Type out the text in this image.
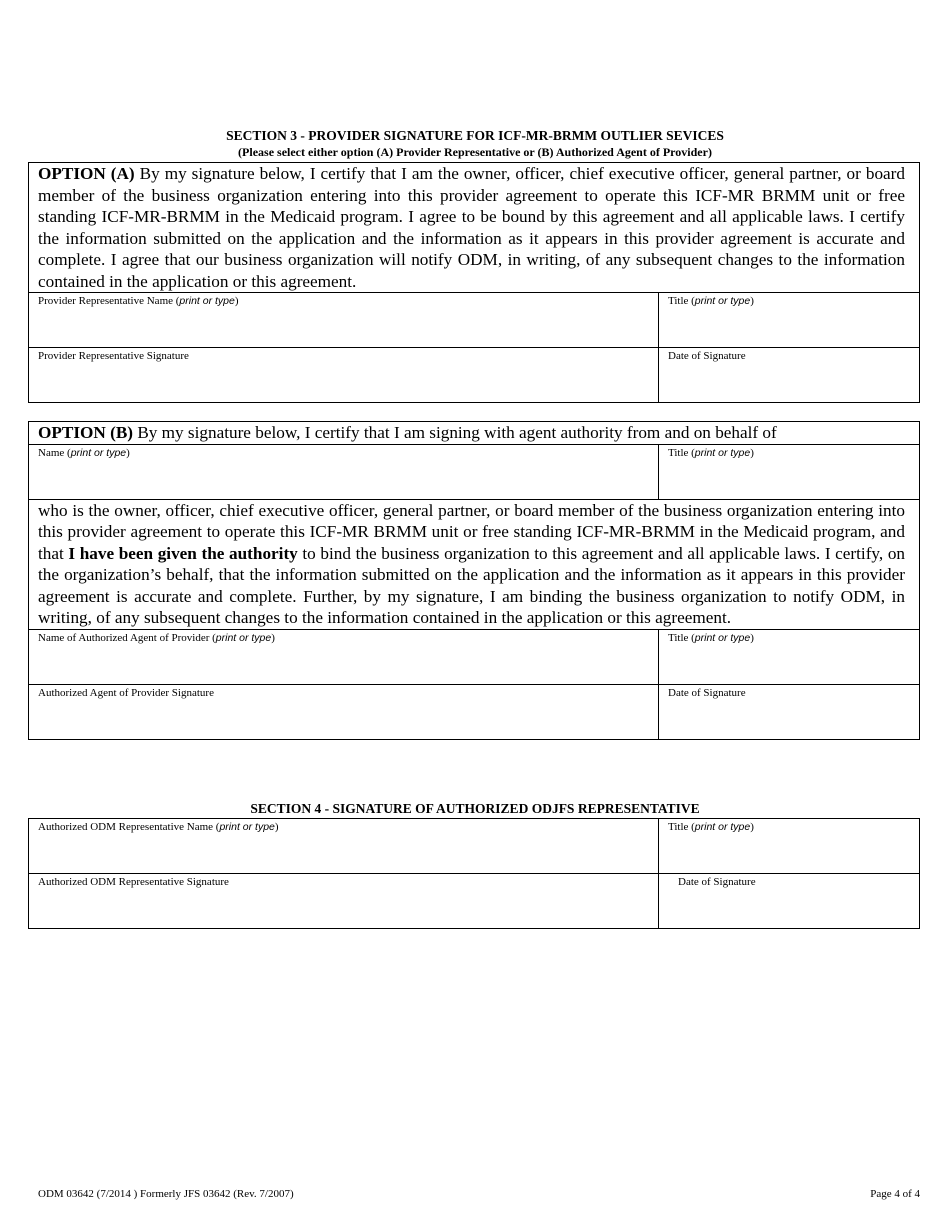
SECTION 3 - PROVIDER SIGNATURE FOR ICF-MR-BRMM OUTLIER SEVICES
(Please select either option (A) Provider Representative or (B) Authorized Agent of Provider)
OPTION (A) By my signature below, I certify that I am the owner, officer, chief executive officer, general partner, or board member of the business organization entering into this provider agreement to operate this ICF-MR BRMM unit or free standing ICF-MR-BRMM in the Medicaid program. I agree to be bound by this agreement and all applicable laws. I certify the information submitted on the application and the information as it appears in this provider agreement is accurate and complete. I agree that our business organization will notify ODM, in writing, of any subsequent changes to the information contained in the application or this agreement.
Provider Representative Name (print or type)	Title (print or type)
Provider Representative Signature	Date of Signature
OPTION (B) By my signature below, I certify that I am signing with agent authority from and on behalf of
Name (print or type)	Title (print or type)
who is the owner, officer, chief executive officer, general partner, or board member of the business organization entering into this provider agreement to operate this ICF-MR BRMM unit or free standing ICF-MR-BRMM in the Medicaid program, and that I have been given the authority to bind the business organization to this agreement and all applicable laws. I certify, on the organization’s behalf, that the information submitted on the application and the information as it appears in this provider agreement is accurate and complete. Further, by my signature, I am binding the business organization to notify ODM, in writing, of any subsequent changes to the information contained in the application or this agreement.
Name of Authorized Agent of Provider (print or type)	Title (print or type)
Authorized Agent of Provider Signature	Date of Signature
SECTION 4 - SIGNATURE OF AUTHORIZED ODJFS REPRESENTATIVE
Authorized ODM Representative Name (print or type)	Title (print or type)
Authorized ODM Representative Signature	Date of Signature
ODM 03642 (7/2014 ) Formerly JFS 03642 (Rev. 7/2007)	Page 4 of 4
